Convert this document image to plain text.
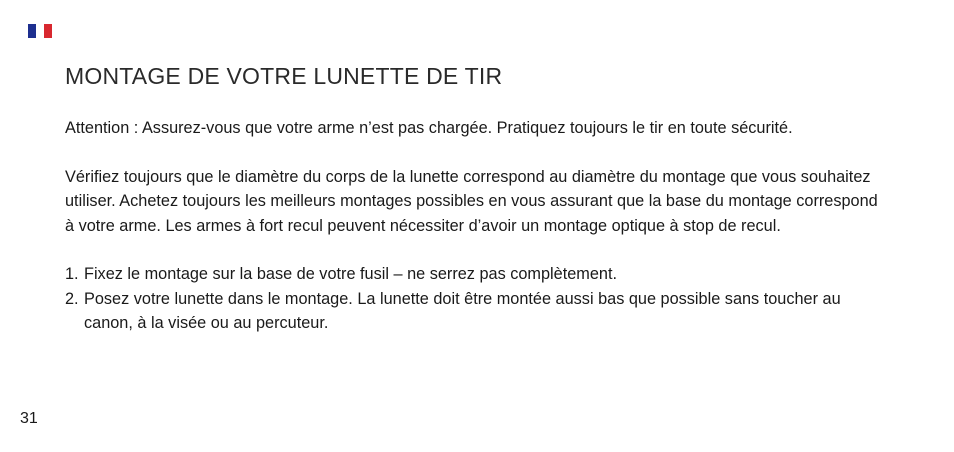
MONTAGE DE VOTRE LUNETTE DE TIR

Attention : Assurez-vous que votre arme n’est pas chargée. Pratiquez toujours le tir en toute sécurité.

Vérifiez toujours que le diamètre du corps de la lunette correspond au diamètre du montage que vous souhaitez utiliser. Achetez toujours les meilleurs montages possibles en vous assurant que la base du montage correspond à votre arme. Les armes à fort recul peuvent nécessiter d’avoir un montage optique à stop de recul.

1. Fixez le montage sur la base de votre fusil – ne serrez pas complètement.
2. Posez votre lunette dans le montage. La lunette doit être montée aussi bas que possible sans toucher au canon, à la visée ou au percuteur.
31
